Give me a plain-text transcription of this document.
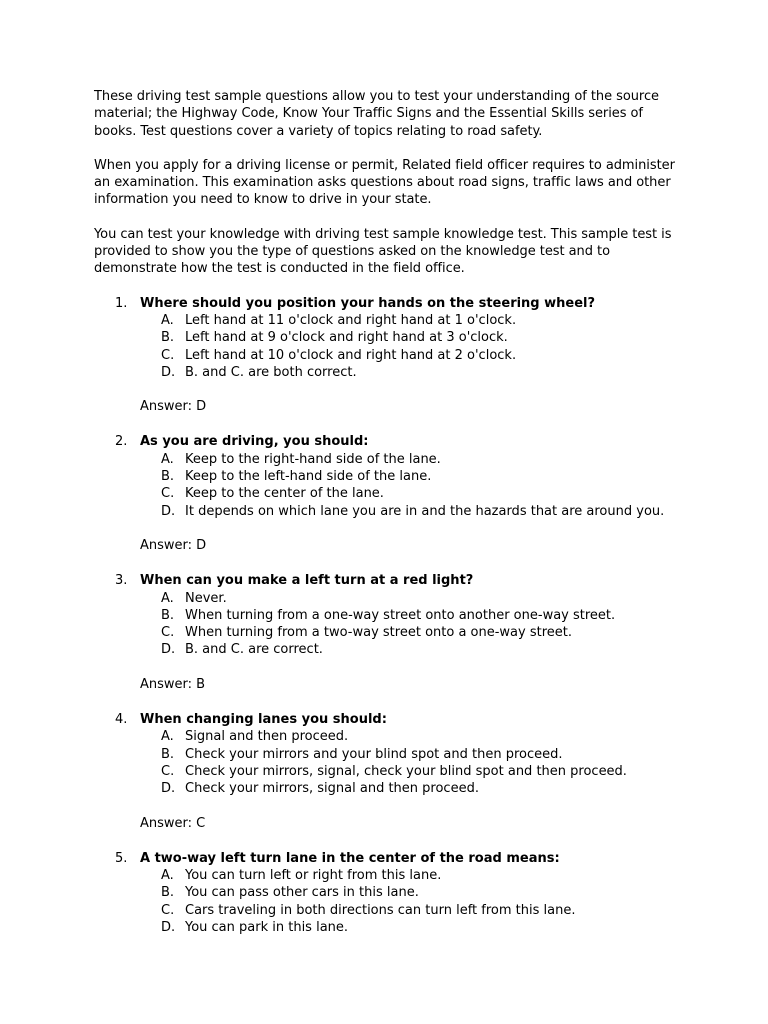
These driving test sample questions allow you to test your understanding of the source material; the Highway Code, Know Your Traffic Signs and the Essential Skills series of books. Test questions cover a variety of topics relating to road safety.

When you apply for a driving license or permit, Related field officer requires to administer an examination. This examination asks questions about road signs, traffic laws and other information you need to know to drive in your state.

You can test your knowledge with driving test sample knowledge test. This sample test is provided to show you the type of questions asked on the knowledge test and to demonstrate how the test is conducted in the field office.

1. Where should you position your hands on the steering wheel?
A. Left hand at 11 o'clock and right hand at 1 o'clock.
B. Left hand at 9 o'clock and right hand at 3 o'clock.
C. Left hand at 10 o'clock and right hand at 2 o'clock.
D. B. and C. are both correct.
Answer: D
2. As you are driving, you should:
A. Keep to the right-hand side of the lane.
B. Keep to the left-hand side of the lane.
C. Keep to the center of the lane.
D. It depends on which lane you are in and the hazards that are around you.
Answer: D
3. When can you make a left turn at a red light?
A. Never.
B. When turning from a one-way street onto another one-way street.
C. When turning from a two-way street onto a one-way street.
D. B. and C. are correct.
Answer: B
4. When changing lanes you should:
A. Signal and then proceed.
B. Check your mirrors and your blind spot and then proceed.
C. Check your mirrors, signal, check your blind spot and then proceed.
D. Check your mirrors, signal and then proceed.
Answer: C
5. A two-way left turn lane in the center of the road means:
A. You can turn left or right from this lane.
B. You can pass other cars in this lane.
C. Cars traveling in both directions can turn left from this lane.
D. You can park in this lane.
